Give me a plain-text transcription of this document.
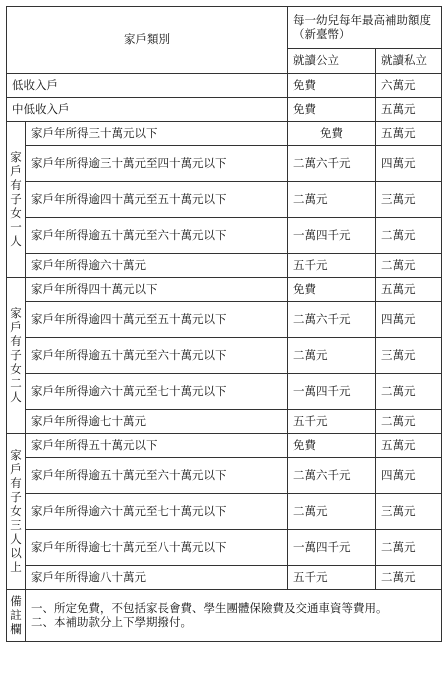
家戶類別		每一幼兒每年最高補助額度（新臺幣）	
		就讀公立	就讀私立
低收入戶		免費	六萬元
中低收入戶		免費	五萬元
家戶有子女一人	家戶年所得三十萬元以下	免費	五萬元
	家戶年所得逾三十萬元至四十萬元以下	二萬六千元	四萬元
	家戶年所得逾四十萬元至五十萬元以下	二萬元	三萬元
	家戶年所得逾五十萬元至六十萬元以下	一萬四千元	二萬元
	家戶年所得逾六十萬元	五千元	二萬元
家戶有子女二人	家戶年所得四十萬元以下	免費	五萬元
	家戶年所得逾四十萬元至五十萬元以下	二萬六千元	四萬元
	家戶年所得逾五十萬元至六十萬元以下	二萬元	三萬元
	家戶年所得逾六十萬元至七十萬元以下	一萬四千元	二萬元
	家戶年所得逾七十萬元	五千元	二萬元
家戶有子女三人以上	家戶年所得五十萬元以下	免費	五萬元
	家戶年所得逾五十萬元至六十萬元以下	二萬六千元	四萬元
	家戶年所得逾六十萬元至七十萬元以下	二萬元	三萬元
	家戶年所得逾七十萬元至八十萬元以下	一萬四千元	二萬元
	家戶年所得逾八十萬元	五千元	二萬元
備註欄	一、 所定免費，不包括家長會費、學生團體保險費及交通車資等費用。
二、 本補助款分上下學期撥付。		
